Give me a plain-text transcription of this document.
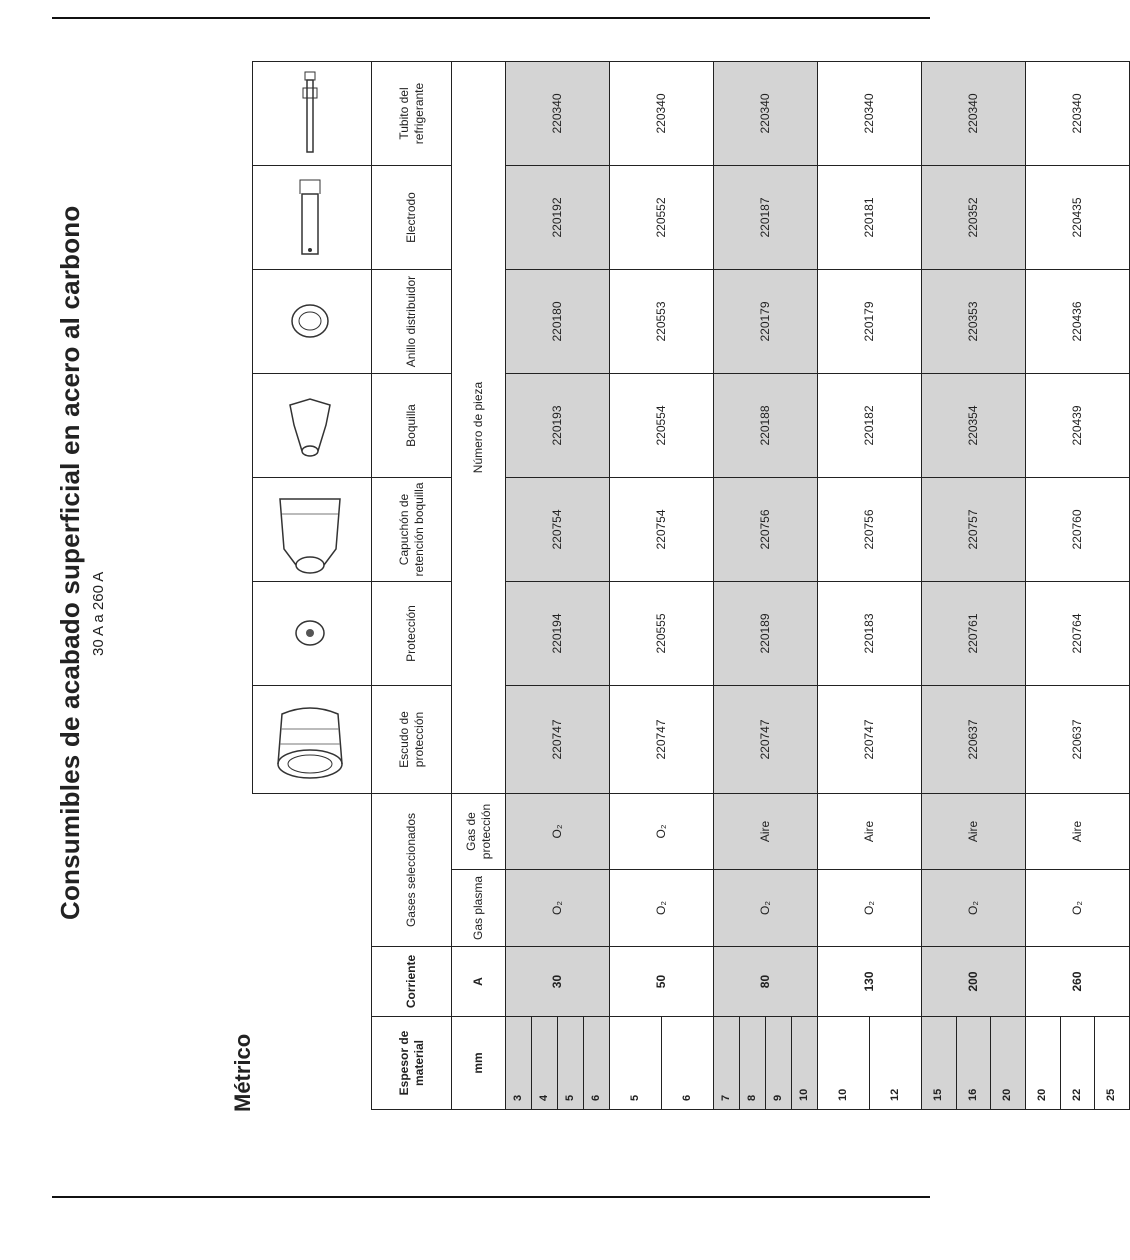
Consumibles de acabado superficial en acero al carbono 30 A a 260 A
Métrico
								Espesor de material	Corriente	Gases seleccionados		Escudo de protección	Protección	Capuchón de retención boquilla	Boquilla	Anillo distribuidor	Electrodo	Tubito del refrigerante
mm	A	Gas plasma	Gas de protección	Número de pieza						

3 4 5 6	30	O₂	O₂	220747	220194	220754	220193	220180	220192	220340

5 6	50	O₂	O₂	220747	220555	220754	220554	220553	220552	220340

7 8 9 10	80	O₂	Aire	220747	220189	220756	220188	220179	220187	220340

10 12	130	O₂	Aire	220747	220183	220756	220182	220179	220181	220340

15 16 20	200	O₂	Aire	220637	220761	220757	220354	220353	220352	220340

20 22 25	260	O₂	Aire	220637	220764	220760	220439	220436	220435	220340
